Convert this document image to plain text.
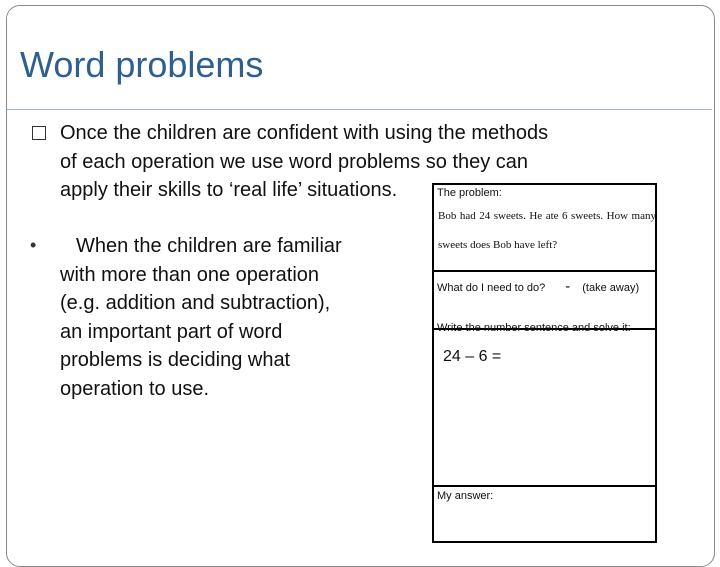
Word problems
Once the children are confident with using the methods
of each operation we use word problems so they can
apply their skills to ‘real life’ situations.
•	When the children are familiar
with more than one operation
(e.g. addition and subtraction),
an important part of word
problems is deciding what
operation to use.
The problem:
Bob had 24 sweets. He ate 6 sweets. How many sweets does Bob have left?
What do I need to do? - (take away)
Write the number sentence and solve it:
24 – 6 =
My answer:
